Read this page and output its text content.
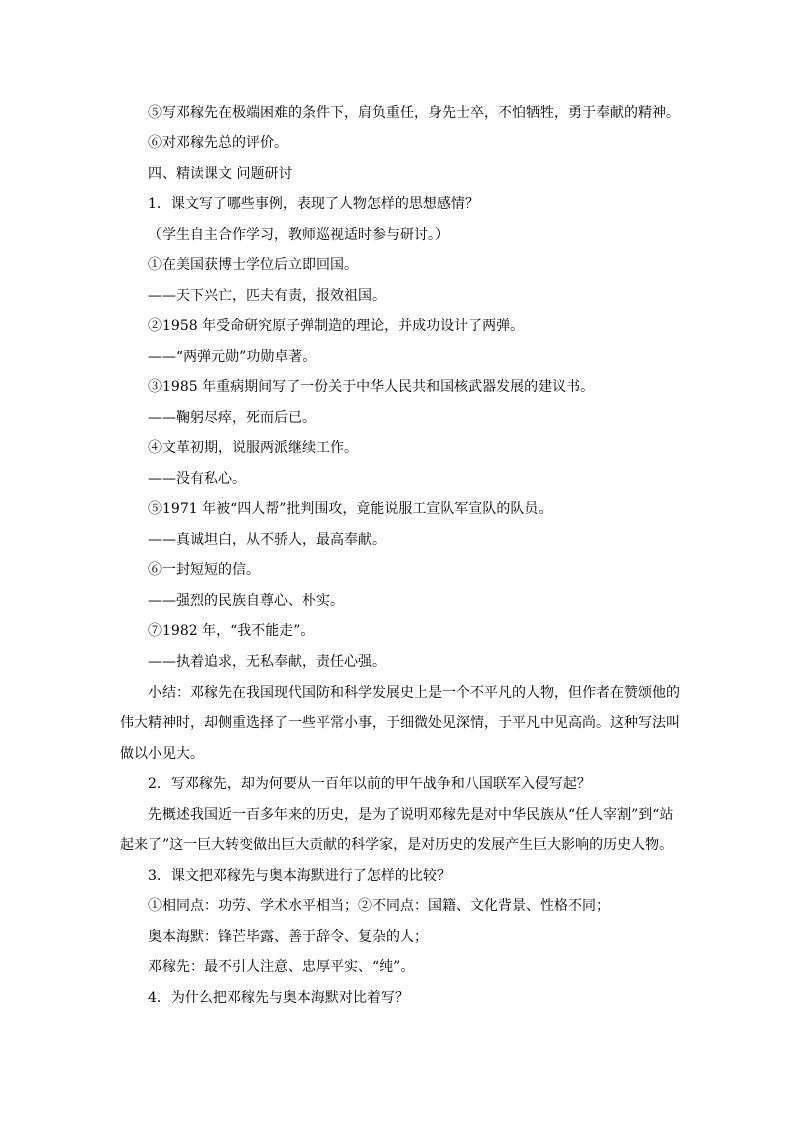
⑤写邓稼先在极端困难的条件下，肩负重任，身先士卒，不怕牺牲，勇于奉献的精神。
⑥对邓稼先总的评价。
四、精读课文 问题研讨
1．课文写了哪些事例，表现了人物怎样的思想感情？
（学生自主合作学习，教师巡视适时参与研讨。）
①在美国获博士学位后立即回国。
——天下兴亡，匹夫有责，报效祖国。
②1958 年受命研究原子弹制造的理论，并成功设计了两弹。
——“两弹元勋”功勋卓著。
③1985 年重病期间写了一份关于中华人民共和国核武器发展的建议书。
——鞠躬尽瘁，死而后已。
④文革初期，说服两派继续工作。
——没有私心。
⑤1971 年被“四人帮”批判围攻，竟能说服工宣队军宣队的队员。
——真诚坦白，从不骄人，最高奉献。
⑥一封短短的信。
——强烈的民族自尊心、朴实。
⑦1982 年，“我不能走”。
——执着追求，无私奉献，责任心强。
小结：邓稼先在我国现代国防和科学发展史上是一个不平凡的人物，但作者在赞颂他的
伟大精神时，却侧重选择了一些平常小事，于细微处见深情，于平凡中见高尚。这种写法叫
做以小见大。
2．写邓稼先，却为何要从一百年以前的甲午战争和八国联军入侵写起？
先概述我国近一百多年来的历史，是为了说明邓稼先是对中华民族从“任人宰割”到“站
起来了”这一巨大转变做出巨大贡献的科学家，是对历史的发展产生巨大影响的历史人物。
3．课文把邓稼先与奥本海默进行了怎样的比较？
①相同点：功劳、学术水平相当；②不同点：国籍、文化背景、性格不同；
奥本海默：锋芒毕露、善于辞令、复杂的人；
邓稼先：最不引人注意、忠厚平实、“纯”。
4．为什么把邓稼先与奥本海默对比着写？
